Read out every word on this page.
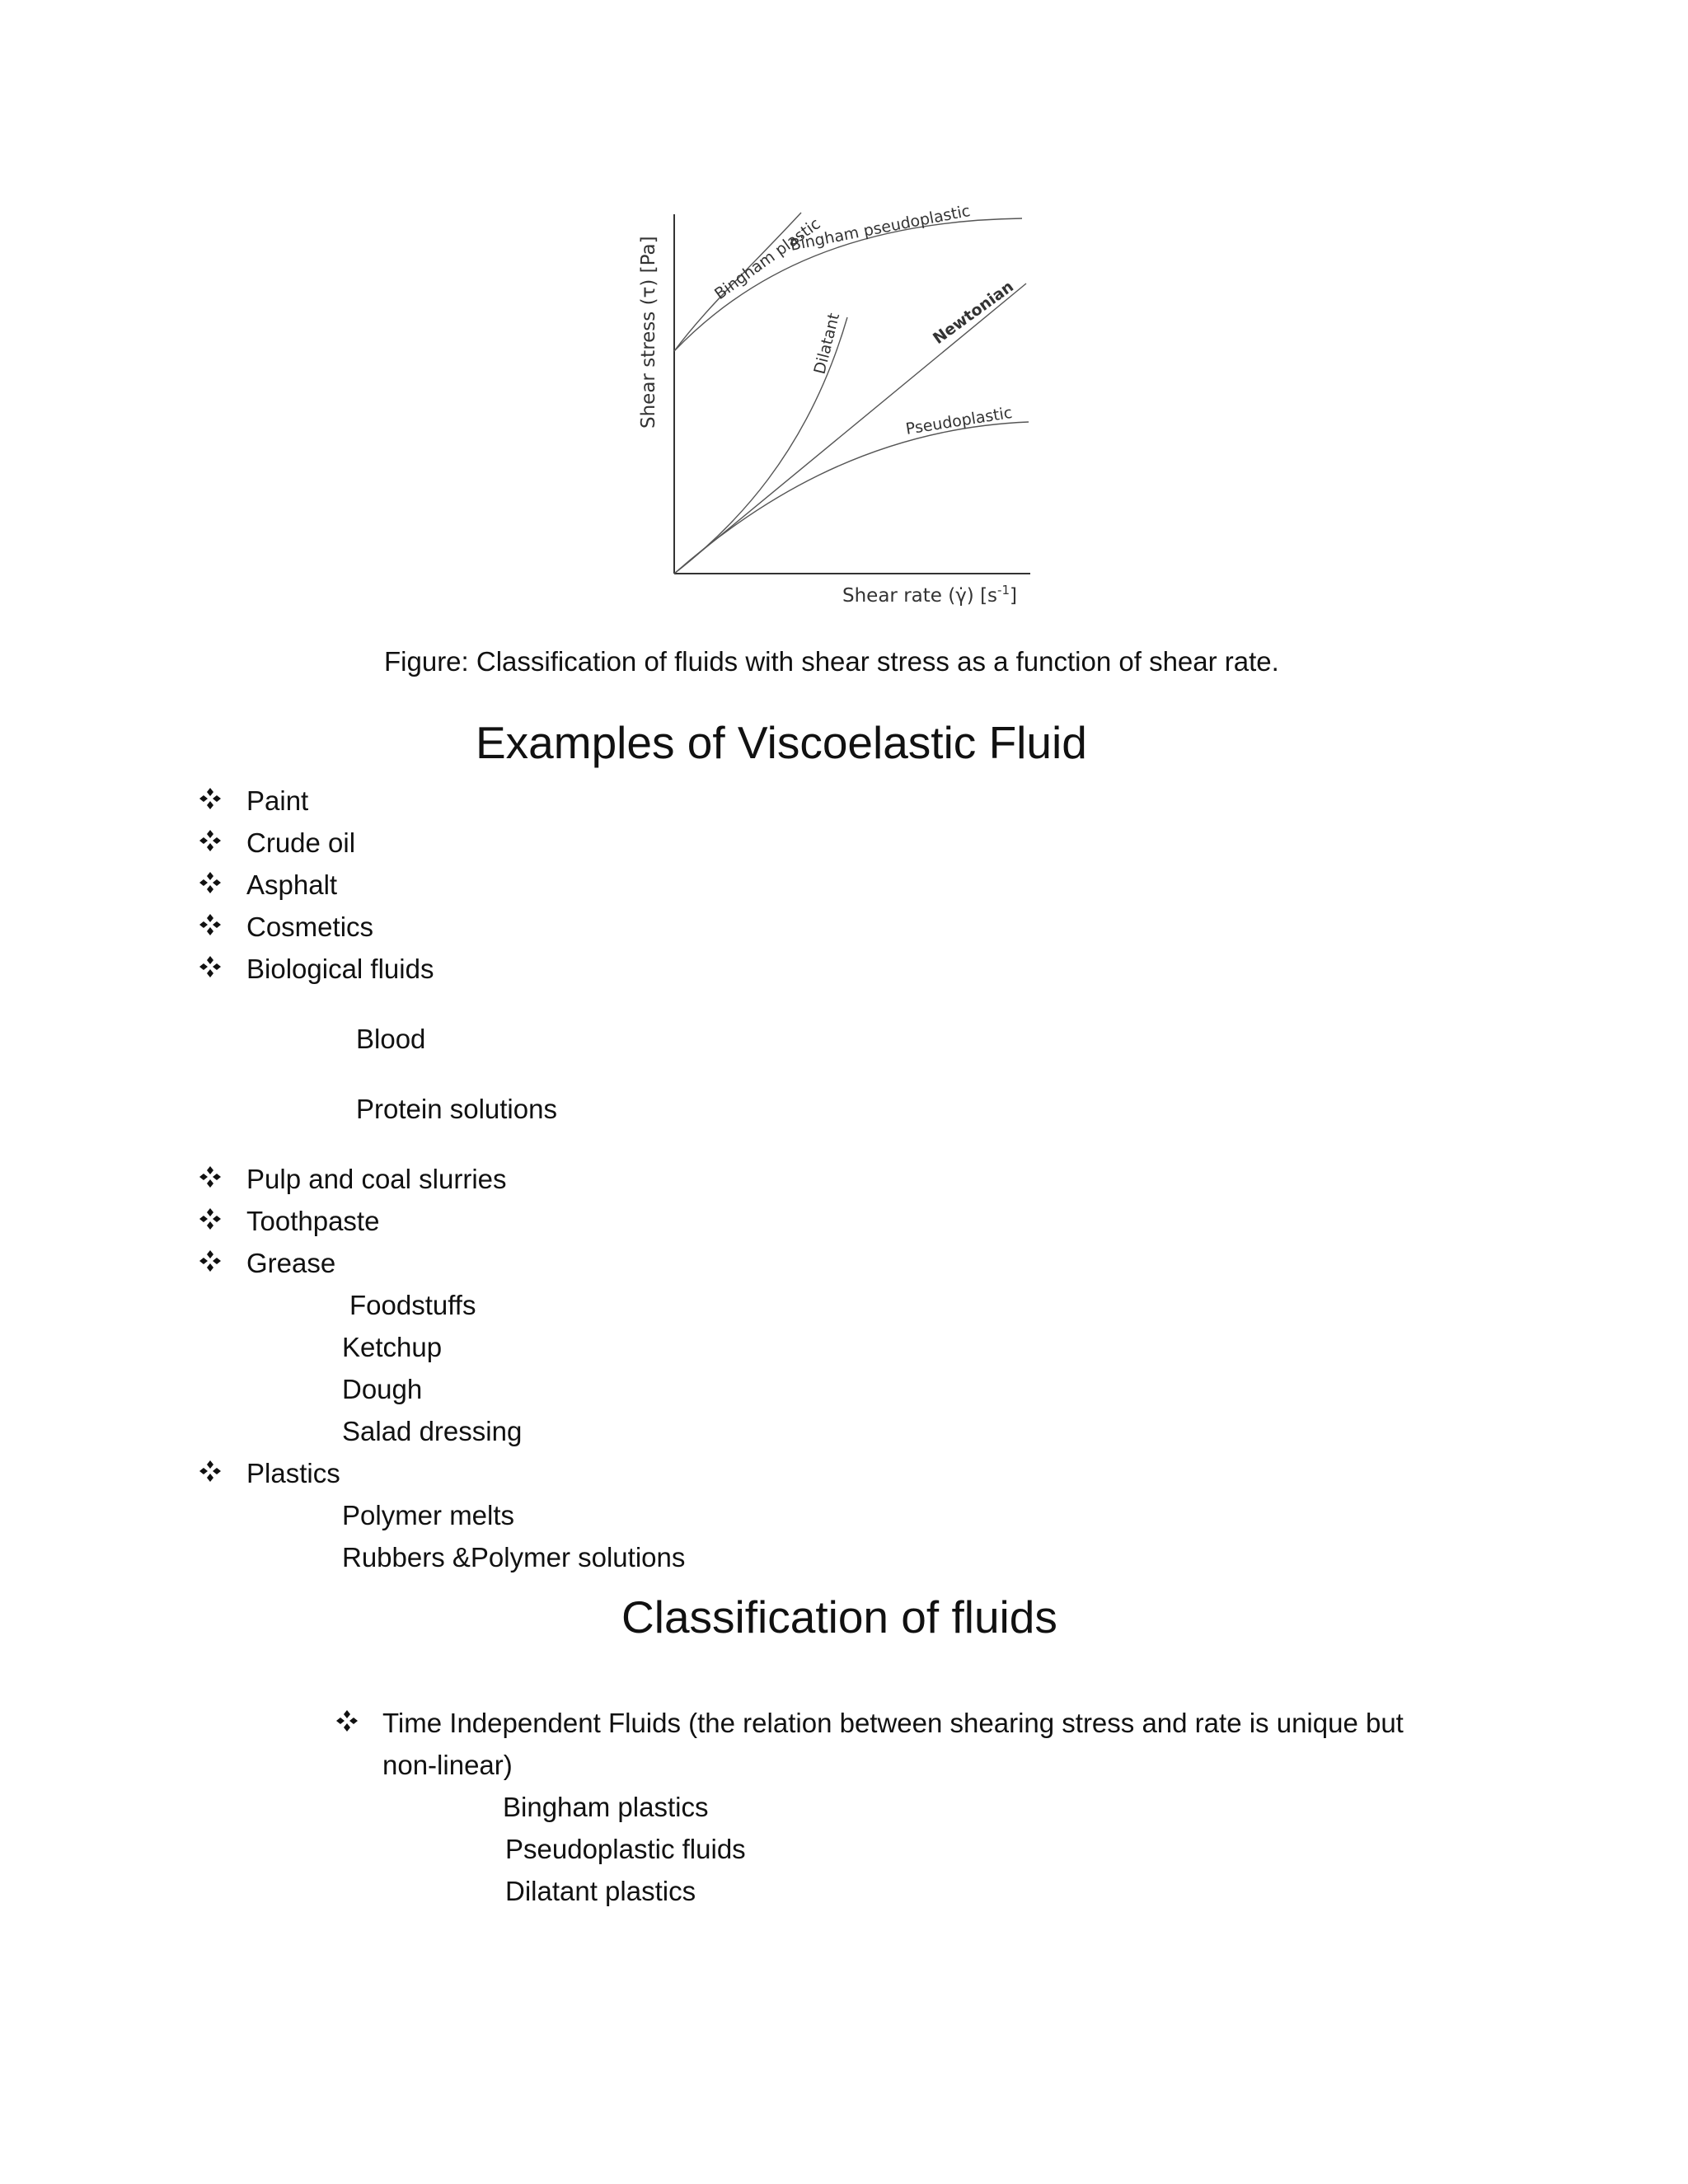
Shear stress (τ) [Pa]
Shear rate (γ̇) $[s^{-1}]$
Bingham plastic
Bingham pseudoplastic
Dilatant	Newtonian
Pseudoplastic
Figure: Classification of fluids with shear stress as a function of shear rate.
Examples of Viscoelastic Fluid
Paint
Crude oil
Asphalt
Cosmetics
Biological fluids
Blood
Protein solutions
Pulp and coal slurries
Toothpaste
Grease
Foodstuffs
Ketchup
Dough
Salad dressing
Plastics
Polymer melts
Rubbers &Polymer solutions
Classification of fluids
Time Independent Fluids (the relation between shearing stress and rate is unique but
non-linear)
Bingham plastics
Pseudoplastic fluids
Dilatant plastics
